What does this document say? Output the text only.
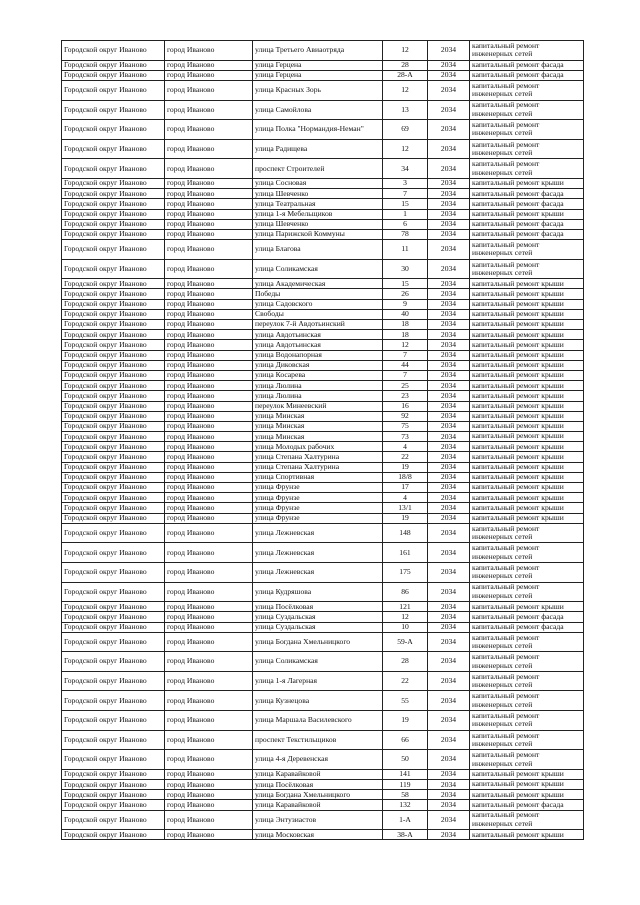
Городской округ Иваново	город Иваново	улица Третьего Авиаотряда	12	2034	капитальный ремонт инженерных сетей
Городской округ Иваново	город Иваново	улица Герцена	28	2034	капитальный ремонт фасада
Городской округ Иваново	город Иваново	улица Герцена	28-А	2034	капитальный ремонт фасада
Городской округ Иваново	город Иваново	улица Красных Зорь	12	2034	капитальный ремонт инженерных сетей
Городской округ Иваново	город Иваново	улица Самойлова	13	2034	капитальный ремонт инженерных сетей
Городской округ Иваново	город Иваново	улица Полка "Нормандия-Неман"	69	2034	капитальный ремонт инженерных сетей
Городской округ Иваново	город Иваново	улица Радищева	12	2034	капитальный ремонт инженерных сетей
Городской округ Иваново	город Иваново	проспект Строителей	34	2034	капитальный ремонт инженерных сетей
Городской округ Иваново	город Иваново	улица Сосновая	3	2034	капитальный ремонт крыши
Городской округ Иваново	город Иваново	улица Шевченко	7	2034	капитальный ремонт фасада
Городской округ Иваново	город Иваново	улица Театральная	15	2034	капитальный ремонт фасада
Городской округ Иваново	город Иваново	улица 1-я Мебельщиков	1	2034	капитальный ремонт крыши
Городской округ Иваново	город Иваново	улица Шевченко	6	2034	капитальный ремонт фасада
Городской округ Иваново	город Иваново	улица Парижской Коммуны	78	2034	капитальный ремонт фасада
Городской округ Иваново	город Иваново	улица Благова	11	2034	капитальный ремонт инженерных сетей
Городской округ Иваново	город Иваново	улица Соликамская	30	2034	капитальный ремонт инженерных сетей
Городской округ Иваново	город Иваново	улица Академическая	15	2034	капитальный ремонт крыши
Городской округ Иваново	город Иваново	Победы	26	2034	капитальный ремонт крыши
Городской округ Иваново	город Иваново	улица Садовского	9	2034	капитальный ремонт крыши
Городской округ Иваново	город Иваново	Свободы	40	2034	капитальный ремонт крыши
Городской округ Иваново	город Иваново	переулок 7-й Авдотьинский	18	2034	капитальный ремонт крыши
Городской округ Иваново	город Иваново	улица Авдотьинская	18	2034	капитальный ремонт крыши
Городской округ Иваново	город Иваново	улица Авдотьинская	12	2034	капитальный ремонт крыши
Городской округ Иваново	город Иваново	улица Водонапорная	7	2034	капитальный ремонт крыши
Городской округ Иваново	город Иваново	улица Диковская	44	2034	капитальный ремонт крыши
Городской округ Иваново	город Иваново	улица Косарева	7	2034	капитальный ремонт крыши
Городской округ Иваново	город Иваново	улица Люлина	25	2034	капитальный ремонт крыши
Городской округ Иваново	город Иваново	улица Люлина	23	2034	капитальный ремонт крыши
Городской округ Иваново	город Иваново	переулок Минеевский	16	2034	капитальный ремонт крыши
Городской округ Иваново	город Иваново	улица Минская	92	2034	капитальный ремонт крыши
Городской округ Иваново	город Иваново	улица Минская	75	2034	капитальный ремонт крыши
Городской округ Иваново	город Иваново	улица Минская	73	2034	капитальный ремонт крыши
Городской округ Иваново	город Иваново	улица Молодых рабочих	4	2034	капитальный ремонт крыши
Городской округ Иваново	город Иваново	улица Степана Халтурина	22	2034	капитальный ремонт крыши
Городской округ Иваново	город Иваново	улица Степана Халтурина	19	2034	капитальный ремонт крыши
Городской округ Иваново	город Иваново	улица Спортивная	18/8	2034	капитальный ремонт крыши
Городской округ Иваново	город Иваново	улица Фрунзе	17	2034	капитальный ремонт крыши
Городской округ Иваново	город Иваново	улица Фрунзе	4	2034	капитальный ремонт крыши
Городской округ Иваново	город Иваново	улица Фрунзе	13/1	2034	капитальный ремонт крыши
Городской округ Иваново	город Иваново	улица Фрунзе	19	2034	капитальный ремонт крыши
Городской округ Иваново	город Иваново	улица Лежневская	148	2034	капитальный ремонт инженерных сетей
Городской округ Иваново	город Иваново	улица Лежневская	161	2034	капитальный ремонт инженерных сетей
Городской округ Иваново	город Иваново	улица Лежневская	175	2034	капитальный ремонт инженерных сетей
Городской округ Иваново	город Иваново	улица Кудряшова	86	2034	капитальный ремонт инженерных сетей
Городской округ Иваново	город Иваново	улица Посёлковая	121	2034	капитальный ремонт крыши
Городской округ Иваново	город Иваново	улица Суздальская	12	2034	капитальный ремонт фасада
Городской округ Иваново	город Иваново	улица Суздальская	10	2034	капитальный ремонт фасада
Городской округ Иваново	город Иваново	улица Богдана Хмельницкого	59-А	2034	капитальный ремонт инженерных сетей
Городской округ Иваново	город Иваново	улица Соликамская	28	2034	капитальный ремонт инженерных сетей
Городской округ Иваново	город Иваново	улица 1-я Лагерная	22	2034	капитальный ремонт инженерных сетей
Городской округ Иваново	город Иваново	улица Кузнецова	55	2034	капитальный ремонт инженерных сетей
Городской округ Иваново	город Иваново	улица Маршала Василевского	19	2034	капитальный ремонт инженерных сетей
Городской округ Иваново	город Иваново	проспект Текстильщиков	66	2034	капитальный ремонт инженерных сетей
Городской округ Иваново	город Иваново	улица 4-я Деревенская	50	2034	капитальный ремонт инженерных сетей
Городской округ Иваново	город Иваново	улица Каравайковой	141	2034	капитальный ремонт крыши
Городской округ Иваново	город Иваново	улица Посёлковая	119	2034	капитальный ремонт крыши
Городской округ Иваново	город Иваново	улица Богдана Хмельницкого	58	2034	капитальный ремонт крыши
Городской округ Иваново	город Иваново	улица Каравайковой	132	2034	капитальный ремонт фасада
Городской округ Иваново	город Иваново	улица Энтузиастов	1-А	2034	капитальный ремонт инженерных сетей
Городской округ Иваново	город Иваново	улица Московская	38-А	2034	капитальный ремонт крыши
